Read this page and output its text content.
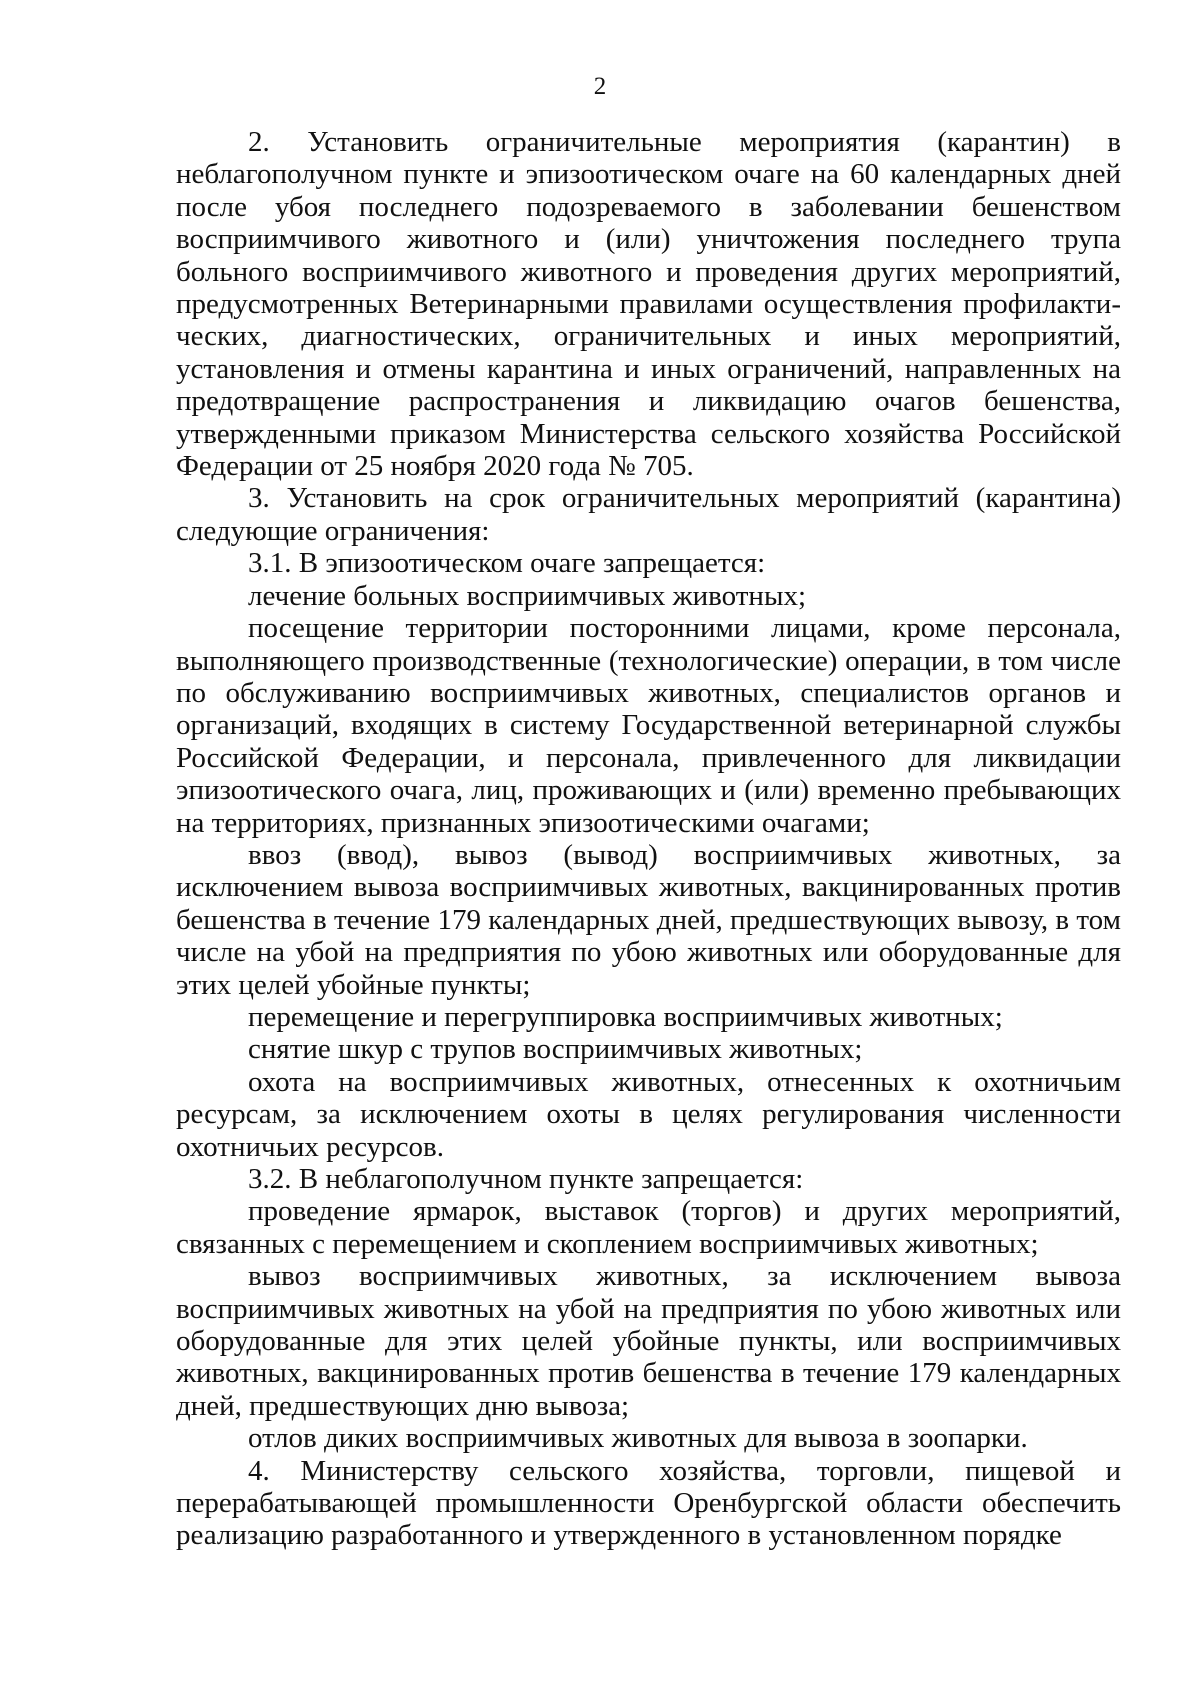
2

2. Установить ограничительные мероприятия (карантин) в неблагополучном пункте и эпизоотическом очаге на 60 календарных дней после убоя последнего подозреваемого в заболевании бешенством восприимчивого животного и (или) уничтожения последнего трупа больного восприимчивого животного и проведения других мероприятий, предусмотренных Ветеринарными правилами осуществления профилакти-ческих, диагностических, ограничительных и иных мероприятий, установления и отмены карантина и иных ограничений, направленных на предотвращение распространения и ликвидацию очагов бешенства, утвержденными приказом Министерства сельского хозяйства Российской Федерации от 25 ноября 2020 года № 705.

3. Установить на срок ограничительных мероприятий (карантина) следующие ограничения:

3.1. В эпизоотическом очаге запрещается:

лечение больных восприимчивых животных;

посещение территории посторонними лицами, кроме персонала, выполняющего производственные (технологические) операции, в том числе по обслуживанию восприимчивых животных, специалистов органов и организаций, входящих в систему Государственной ветеринарной службы Российской Федерации, и персонала, привлеченного для ликвидации эпизоотического очага, лиц, проживающих и (или) временно пребывающих на территориях, признанных эпизоотическими очагами;

ввоз (ввод), вывоз (вывод) восприимчивых животных, за исключением вывоза восприимчивых животных, вакцинированных против бешенства в течение 179 календарных дней, предшествующих вывозу, в том числе на убой на предприятия по убою животных или оборудованные для этих целей убойные пункты;

перемещение и перегруппировка восприимчивых животных;

снятие шкур с трупов восприимчивых животных;

охота на восприимчивых животных, отнесенных к охотничьим ресурсам, за исключением охоты в целях регулирования численности охотничьих ресурсов.

3.2. В неблагополучном пункте запрещается:

проведение ярмарок, выставок (торгов) и других мероприятий, связанных с перемещением и скоплением восприимчивых животных;

вывоз восприимчивых животных, за исключением вывоза восприимчивых животных на убой на предприятия по убою животных или оборудованные для этих целей убойные пункты, или восприимчивых животных, вакцинированных против бешенства в течение 179 календарных дней, предшествующих дню вывоза;

отлов диких восприимчивых животных для вывоза в зоопарки.

4. Министерству сельского хозяйства, торговли, пищевой и перерабатывающей промышленности Оренбургской области обеспечить реализацию разработанного и утвержденного в установленном порядке
